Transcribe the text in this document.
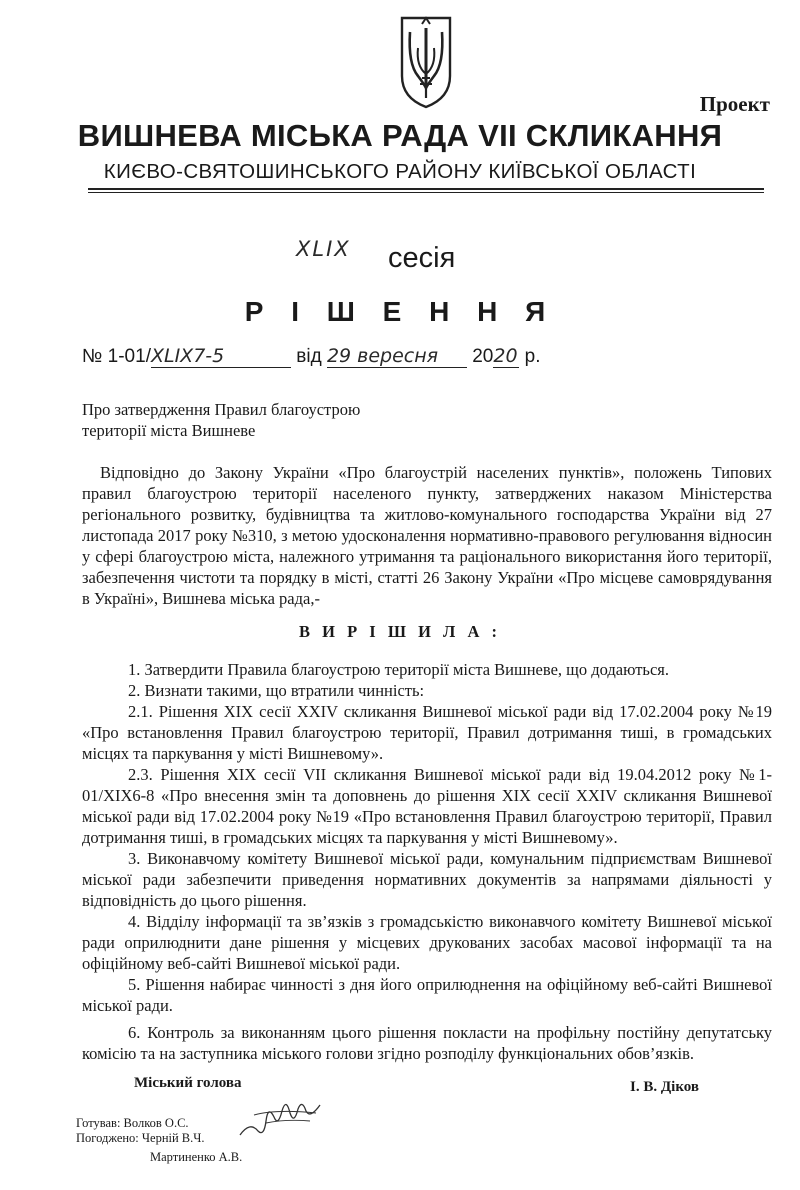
Проект
ВИШНЕВА МІСЬКА РАДА VІІ СКЛИКАННЯ
КИЄВО-СВЯТОШИНСЬКОГО РАЙОНУ КИЇВСЬКОЇ ОБЛАСТІ
XLIX сесія
Р І Ш Е Н Н Я
№ 1-01/XLIX7-5	від 29 вересня 2020 р.
Про затвердження Правил благоустрою
території міста Вишневе
Відповідно до Закону України «Про благоустрій населених пунктів», положень Типових правил благоустрою території населеного пункту, затверджених наказом Міністерства регіонального розвитку, будівництва та житлово-комунального господарства України від 27 листопада 2017 року №310, з метою удосконалення нормативно-правового регулювання відносин у сфері благоустрою міста, належного утримання та раціонального використання його території, забезпечення чистоти та порядку в місті, статті 26 Закону України «Про місцеве самоврядування в Україні», Вишнева міська рада,-
В И Р І Ш И Л А :

1. Затвердити Правила благоустрою території міста Вишневе, що додаються.

2. Визнати такими, що втратили чинність:

2.1. Рішення XIX сесії XXIV скликання Вишневої міської ради від 17.02.2004 року №19 «Про встановлення Правил благоустрою території, Правил дотримання тиші, в громадських місцях та паркування у місті Вишневому».

2.3. Рішення XIX сесії VII скликання Вишневої міської ради від 19.04.2012 року №1-01/XIX6-8 «Про внесення змін та доповнень до рішення XIX сесії XXIV скликання Вишневої міської ради від 17.02.2004 року №19 «Про встановлення Правил благоустрою території, Правил дотримання тиші, в громадських місцях та паркування у місті Вишневому».

3. Виконавчому комітету Вишневої міської ради, комунальним підприємствам Вишневої міської ради забезпечити приведення нормативних документів за напрямами діяльності у відповідність до цього рішення.

4. Відділу інформації та зв’язків з громадськістю виконавчого комітету Вишневої міської ради оприлюднити дане рішення у місцевих друкованих засобах масової інформації та на офіційному веб-сайті Вишневої міської ради.

5. Рішення набирає чинності з дня його оприлюднення на офіційному веб-сайті Вишневої міської ради.

6. Контроль за виконанням цього рішення покласти на профільну постійну депутатську комісію та на заступника міського голови згідно розподілу функціональних обов’язків.

Міський голова	І. В. Діков
Готував: Волков О.С.
Погоджено: Черній В.Ч.
Мартиненко А.В.
